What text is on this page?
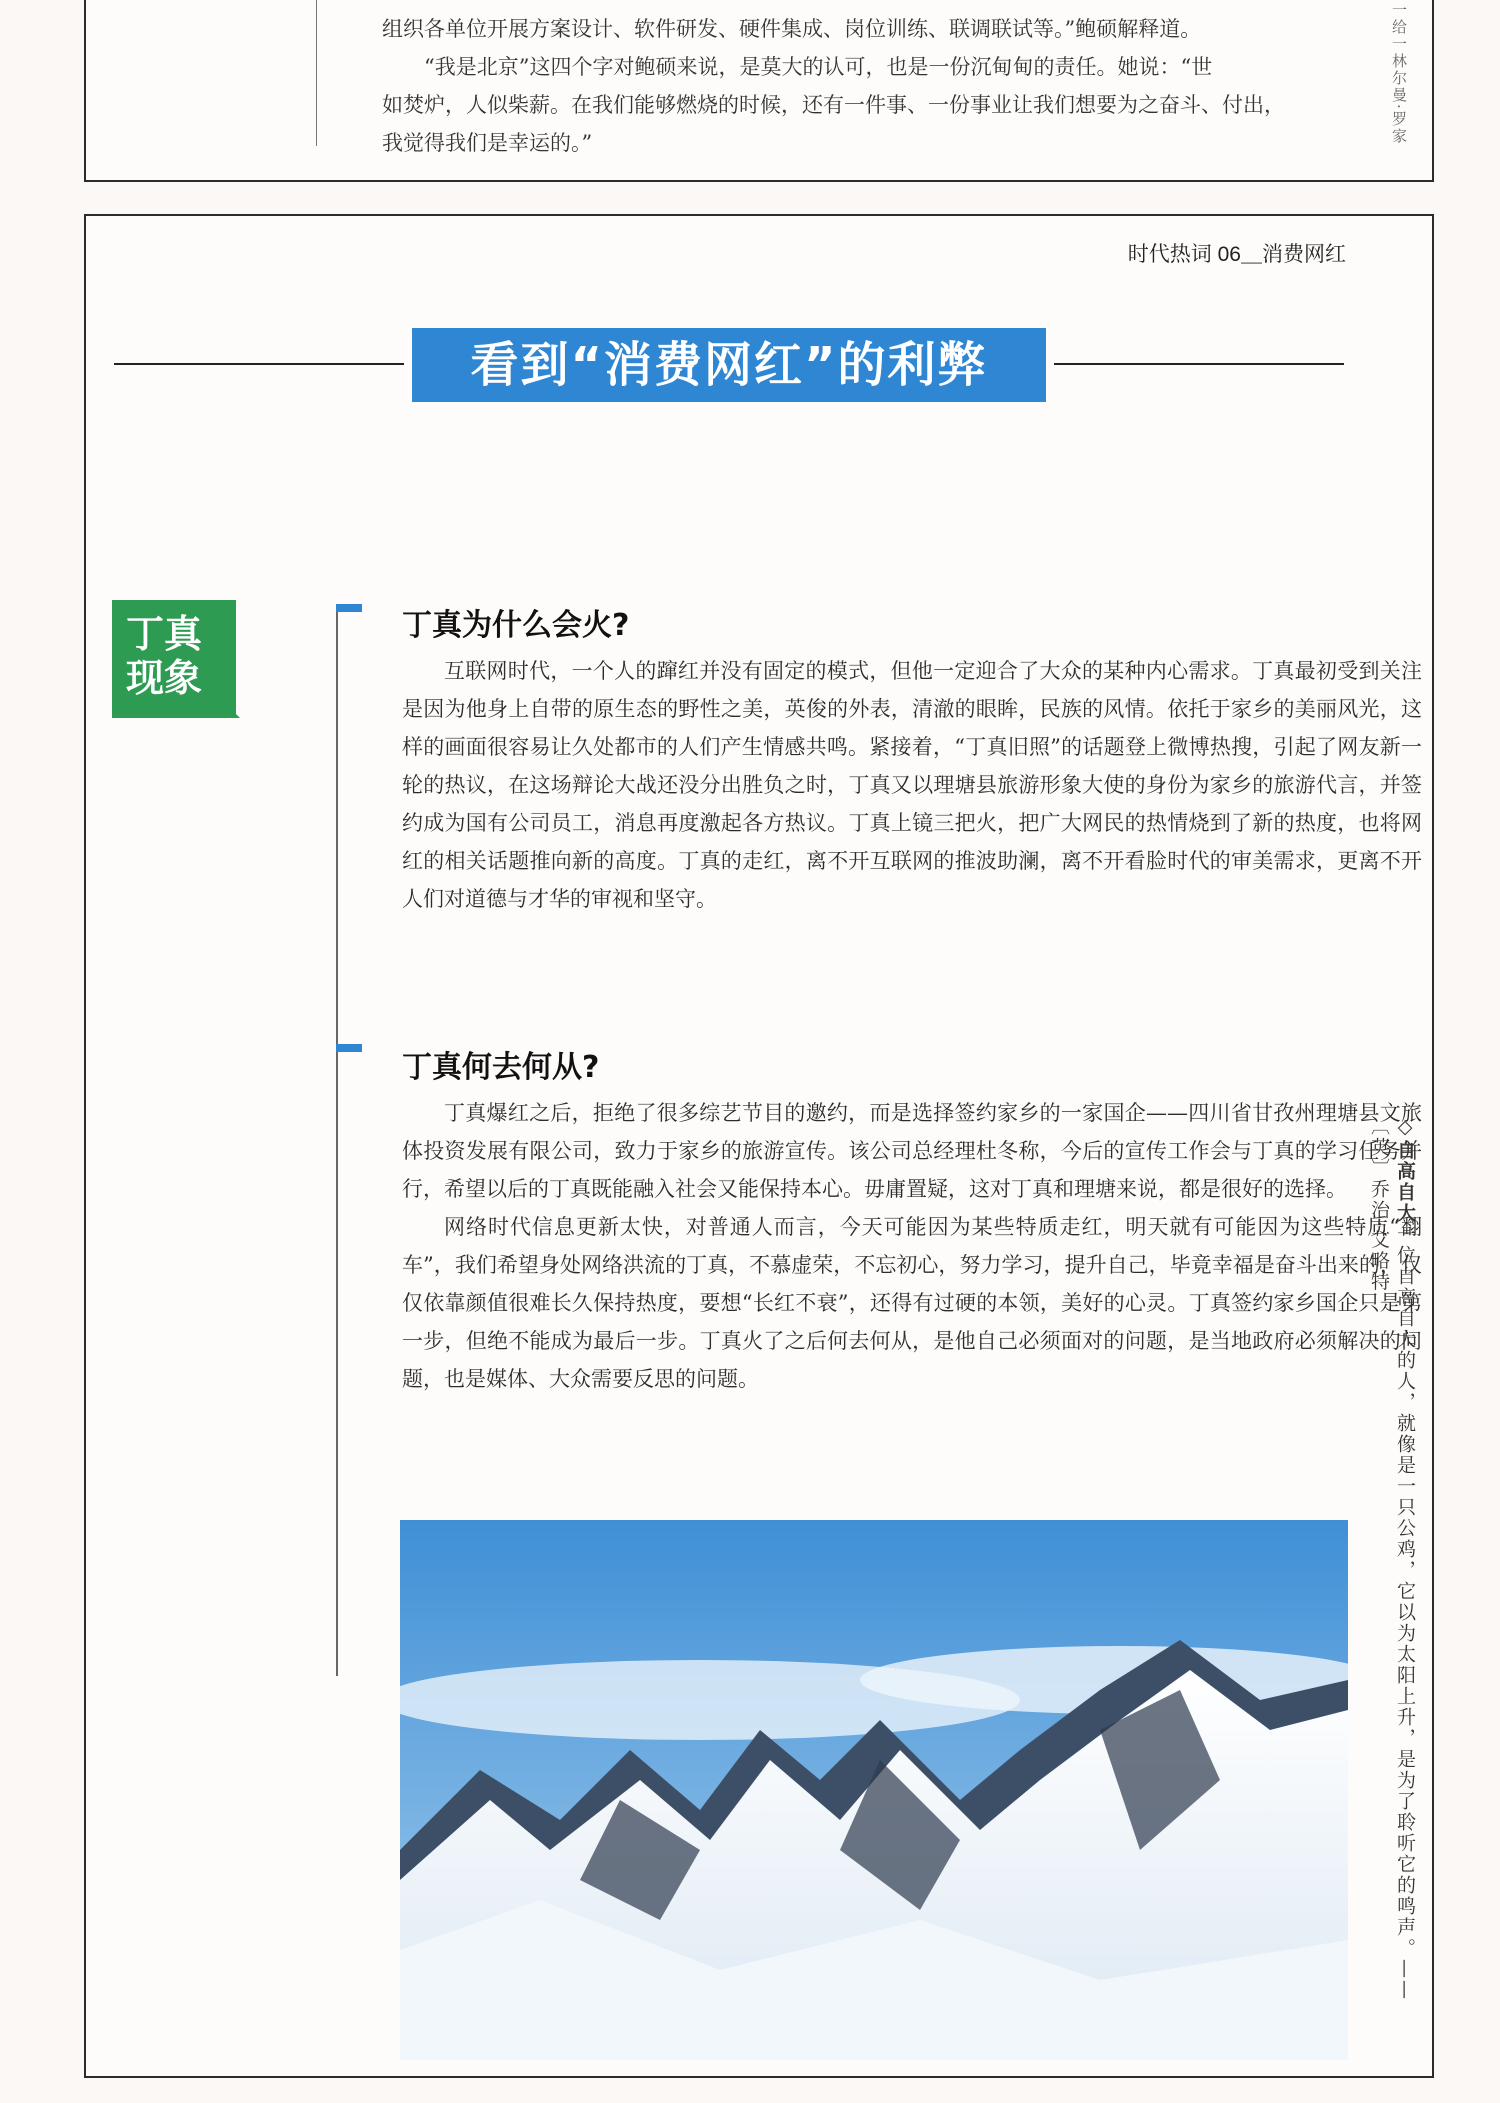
组织各单位开展方案设计、软件研发、硬件集成、岗位训练、联调联试等。”鲍硕解释道。

“我是北京”这四个字对鲍硕来说，是莫大的认可，也是一份沉甸甸的责任。她说：“世

如焚炉，人似柴薪。在我们能够燃烧的时候，还有一件事、一份事业让我们想要为之奋斗、付出，

我觉得我们是幸运的。”	一给一林尔曼·罗家
时代热词 06＿消费网红
看到“消费网红”的利弊
丁真
现象
丁真为什么会火?

互联网时代，一个人的蹿红并没有固定的模式，但他一定迎合了大众的某种内心需求。丁真最初受到关注是因为他身上自带的原生态的野性之美，英俊的外表，清澈的眼眸，民族的风情。依托于家乡的美丽风光，这样的画面很容易让久处都市的人们产生情感共鸣。紧接着，“丁真旧照”的话题登上微博热搜，引起了网友新一轮的热议，在这场辩论大战还没分出胜负之时，丁真又以理塘县旅游形象大使的身份为家乡的旅游代言，并签约成为国有公司员工，消息再度激起各方热议。丁真上镜三把火，把广大网民的热情烧到了新的热度，也将网红的相关话题推向新的高度。丁真的走红，离不开互联网的推波助澜，离不开看脸时代的审美需求，更离不开人们对道德与才华的审视和坚守。

丁真何去何从?

丁真爆红之后，拒绝了很多综艺节目的邀约，而是选择签约家乡的一家国企——四川省甘孜州理塘县文旅体投资发展有限公司，致力于家乡的旅游宣传。该公司总经理杜冬称，今后的宣传工作会与丁真的学习任务并行，希望以后的丁真既能融入社会又能保持本心。毋庸置疑，这对丁真和理塘来说，都是很好的选择。

网络时代信息更新太快，对普通人而言，今天可能因为某些特质走红，明天就有可能因为这些特质“翻车”，我们希望身处网络洪流的丁真，不慕虚荣，不忘初心，努力学习，提升自己，毕竟幸福是奋斗出来的，仅仅依靠颜值很难长久保持热度，要想“长红不衰”，还得有过硬的本领，美好的心灵。丁真签约家乡国企只是第一步，但绝不能成为最后一步。丁真火了之后何去何从，是他自己必须面对的问题，是当地政府必须解决的问题，也是媒体、大众需要反思的问题。

◇自高自大一位自高自大的人，就像是一只公鸡，它以为太阳上升，是为了聆听它的鸣声。——〔英〕乔治·艾略特
